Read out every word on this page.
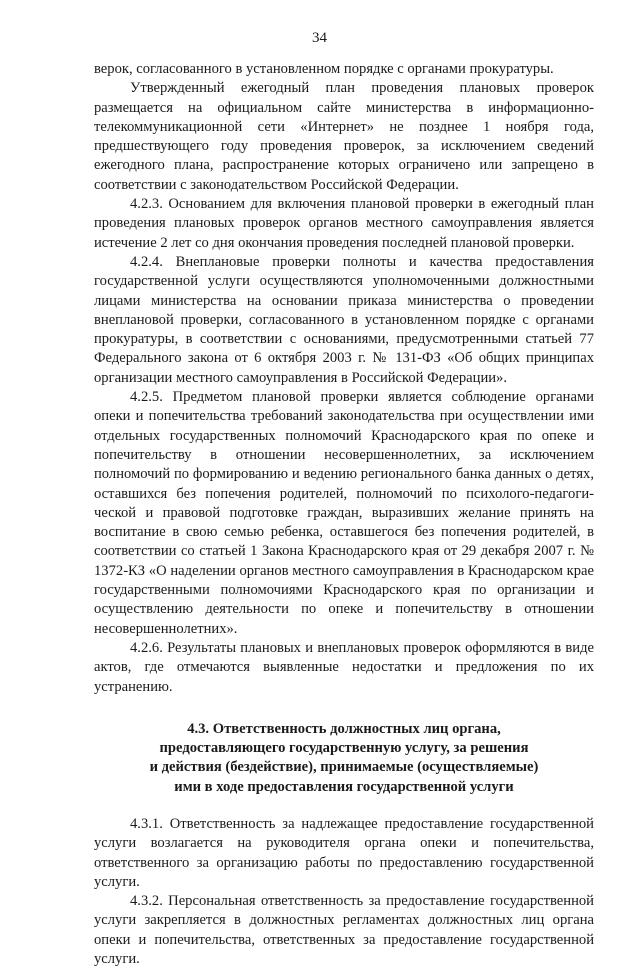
34

верок, согласованного в установленном порядке с органами прокуратуры.

Утвержденный ежегодный план проведения плановых проверок размещается на официальном сайте министерства в информационно-телекоммуникационной сети «Интернет» не позднее 1 ноября года, предшествующего году проведения проверок, за исключением сведений ежегодного плана, распространение которых ограничено или запрещено в соответствии с законодательством Российской Федерации.

4.2.3. Основанием для включения плановой проверки в ежегодный план проведения плановых проверок органов местного самоуправления является истечение 2 лет со дня окончания проведения последней плановой проверки.

4.2.4. Внеплановые проверки полноты и качества предоставления государственной услуги осуществляются уполномоченными должностными лицами министерства на основании приказа министерства о проведении внеплановой проверки, согласованного в установленном порядке с органами прокуратуры, в соответствии с основаниями, предусмотренными статьей 77 Федерального закона от 6 октября 2003 г. № 131-ФЗ «Об общих принципах организации местного самоуправления в Российской Федерации».

4.2.5. Предметом плановой проверки является соблюдение органами опеки и попечительства требований законодательства при осуществлении ими отдельных государственных полномочий Краснодарского края по опеке и попечительству в отношении несовершеннолетних, за исключением полномочий по формированию и ведению регионального банка данных о детях, оставшихся без попечения родителей, полномочий по психолого-педагоги-ческой и правовой подготовке граждан, выразивших желание принять на воспитание в свою семью ребенка, оставшегося без попечения родителей, в соответствии со статьей 1 Закона Краснодарского края от 29 декабря 2007 г. № 1372-КЗ «О наделении органов местного самоуправления в Краснодарском крае государственными полномочиями Краснодарского края по организации и осуществлению деятельности по опеке и попечительству в отношении несовершеннолетних».

4.2.6. Результаты плановых и внеплановых проверок оформляются в виде актов, где отмечаются выявленные недостатки и предложения по их устранению.

4.3. Ответственность должностных лиц органа,
предоставляющего государственную услугу, за решения
и действия (бездействие), принимаемые (осуществляемые)
ими в ходе предоставления государственной услуги

4.3.1. Ответственность за надлежащее предоставление государственной услуги возлагается на руководителя органа опеки и попечительства, ответственного за организацию работы по предоставлению государственной услуги.

4.3.2. Персональная ответственность за предоставление государственной услуги закрепляется в должностных регламентах должностных лиц органа опеки и попечительства, ответственных за предоставление государственной услуги.
